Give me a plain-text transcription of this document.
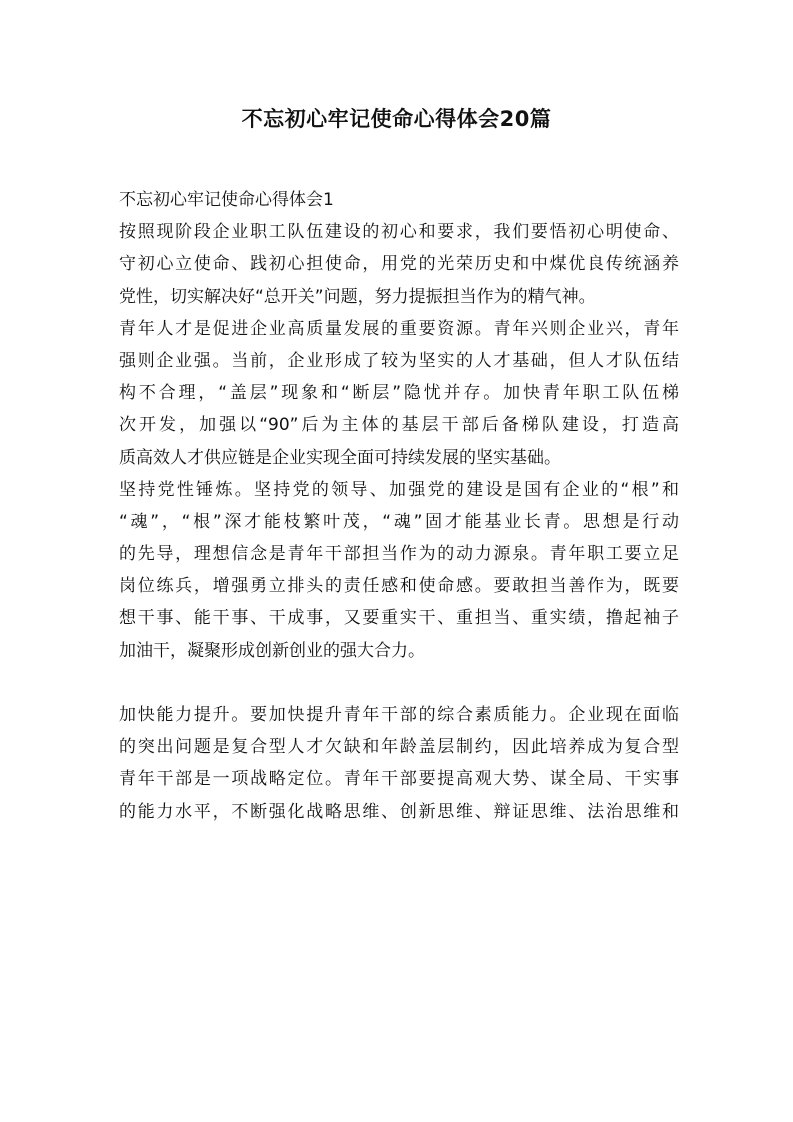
不忘初心牢记使命心得体会20篇
不忘初心牢记使命心得体会1
按照现阶段企业职工队伍建设的初心和要求，我们要悟初心明使命、
守初心立使命、践初心担使命，用党的光荣历史和中煤优良传统涵养
党性，切实解决好“总开关”问题，努力提振担当作为的精气神。
青年人才是促进企业高质量发展的重要资源。青年兴则企业兴，青年
强则企业强。当前，企业形成了较为坚实的人才基础，但人才队伍结
构不合理，“盖层”现象和“断层”隐忧并存。加快青年职工队伍梯
次开发，加强以“90”后为主体的基层干部后备梯队建设，打造高
质高效人才供应链是企业实现全面可持续发展的坚实基础。
坚持党性锤炼。坚持党的领导、加强党的建设是国有企业的“根”和
“魂”，“根”深才能枝繁叶茂，“魂”固才能基业长青。思想是行动
的先导，理想信念是青年干部担当作为的动力源泉。青年职工要立足
岗位练兵，增强勇立排头的责任感和使命感。要敢担当善作为，既要
想干事、能干事、干成事，又要重实干、重担当、重实绩，撸起袖子
加油干，凝聚形成创新创业的强大合力。
加快能力提升。要加快提升青年干部的综合素质能力。企业现在面临
的突出问题是复合型人才欠缺和年龄盖层制约，因此培养成为复合型
青年干部是一项战略定位。青年干部要提高观大势、谋全局、干实事
的能力水平，不断强化战略思维、创新思维、辩证思维、法治思维和
